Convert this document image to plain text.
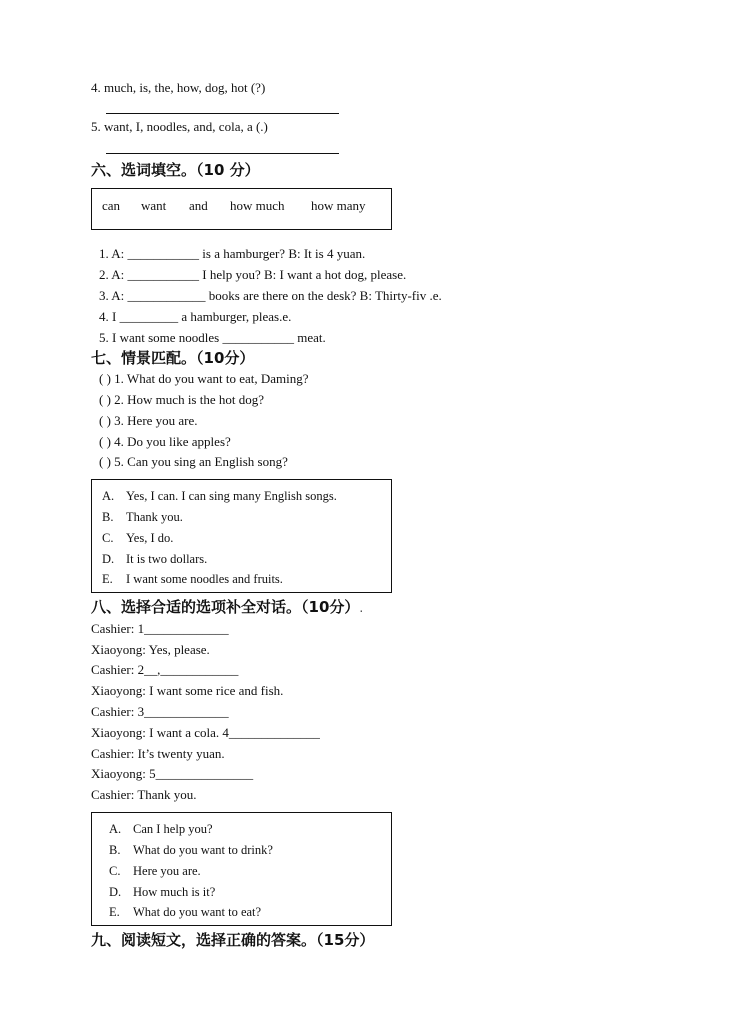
4. much, is, the, how, dog, hot (?)
5. want, I, noodles, and, cola, a (.)
六、选词填空。（10 分）
can want and how much how many
1. A: ___________ is a hamburger? B: It is 4 yuan.
2. A: ___________ I help you? B: I want a hot dog, please.
3. A: ____________ books are there on the desk? B: Thirty-fiv .e.
4. I _________ a hamburger, pleas.e.
5. I want some noodles ___________ meat.
七、情景匹配。（10分）
( ) 1. What do you want to eat, Daming?
( ) 2. How much is the hot dog?
( ) 3. Here you are.
( ) 4. Do you like apples?
( ) 5. Can you sing an English song?
A. Yes, I can. I can sing many English songs.
B. Thank you.
C. Yes, I do.
D. It is two dollars.
E. I want some noodles and fruits.
八、选择合适的选项补全对话。（10分）.
Cashier: 1_____________
Xiaoyong: Yes, please.
Cashier: 2__,____________
Xiaoyong: I want some rice and fish.
Cashier: 3_____________
Xiaoyong: I want a cola. 4______________
Cashier: It’s twenty yuan.
Xiaoyong: 5_______________
Cashier: Thank you.
A. Can I help you?
B. What do you want to drink?
C. Here you are.
D. How much is it?
E. What do you want to eat?
九、阅读短文，选择正确的答案。（15分）
